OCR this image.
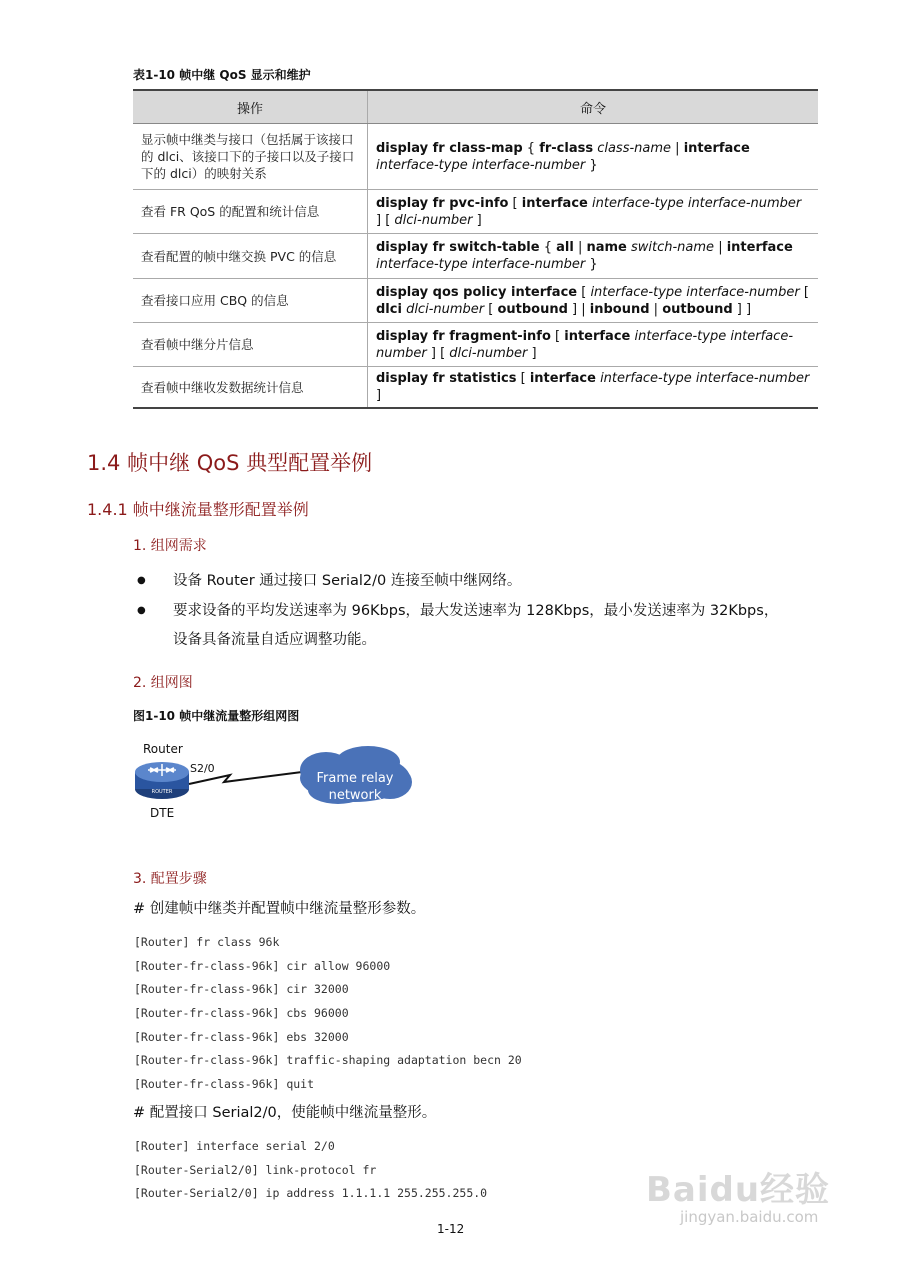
表1-10 帧中继 QoS 显示和维护
操作	命令
显示帧中继类与接口（包括属于该接口的 dlci、该接口下的子接口以及子接口下的 dlci）的映射关系	display fr class-map { fr-class class-name | interface interface-type interface-number }
查看 FR QoS 的配置和统计信息	display fr pvc-info [ interface interface-type interface-number ] [ dlci-number ]
查看配置的帧中继交换 PVC 的信息	display fr switch-table { all | name switch-name | interface interface-type interface-number }
查看接口应用 CBQ 的信息	display qos policy interface [ interface-type interface-number [ dlci dlci-number [ outbound ] | inbound | outbound ] ]
查看帧中继分片信息	display fr fragment-info [ interface interface-type interface-number ] [ dlci-number ]
查看帧中继收发数据统计信息	display fr statistics [ interface interface-type interface-number ]
1.4 帧中继 QoS 典型配置举例
1.4.1 帧中继流量整形配置举例
1. 组网需求
● 设备 Router 通过接口 Serial2/0 连接至帧中继网络。
● 要求设备的平均发送速率为 96Kbps，最大发送速率为 128Kbps，最小发送速率为 32Kbps，
设备具备流量自适应调整功能。
2. 组网图
图1-10 帧中继流量整形组网图
Router
S2/0
DTE
ROUTER
Frame relay
network
3. 配置步骤
# 创建帧中继类并配置帧中继流量整形参数。
[Router] fr class 96k
[Router-fr-class-96k] cir allow 96000
[Router-fr-class-96k] cir 32000
[Router-fr-class-96k] cbs 96000
[Router-fr-class-96k] ebs 32000
[Router-fr-class-96k] traffic-shaping adaptation becn 20
[Router-fr-class-96k] quit
# 配置接口 Serial2/0，使能帧中继流量整形。
[Router] interface serial 2/0
[Router-Serial2/0] link-protocol fr
[Router-Serial2/0] ip address 1.1.1.1 255.255.255.0
1-12
Baidu经验
jingyan.baidu.com
